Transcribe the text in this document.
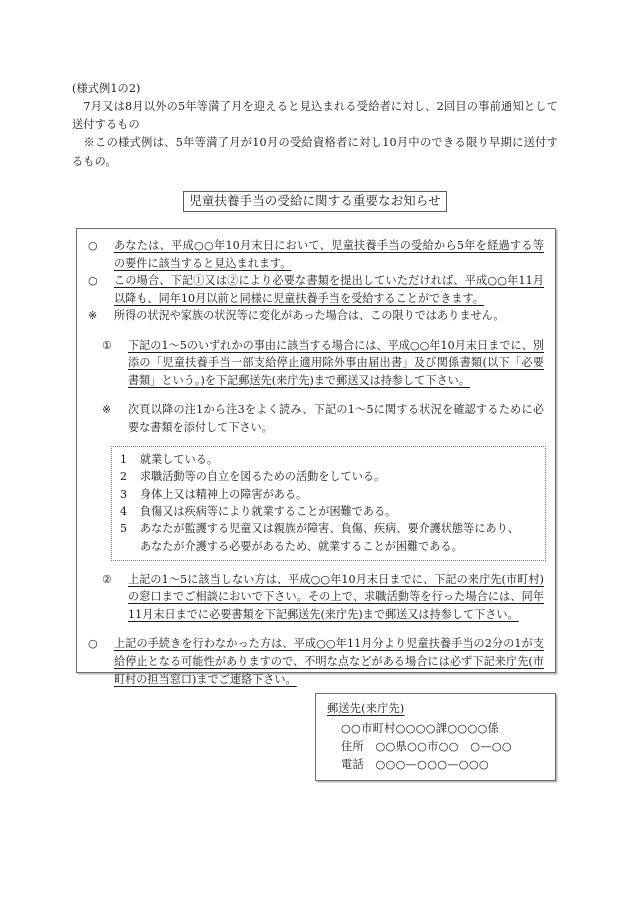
(様式例1の2)

　7月又は8月以外の5年等満了月を迎えると見込まれる受給者に対し、2回目の事前通知として送付するもの

　※この様式例は、5年等満了月が10月の受給資格者に対し10月中のできる限り早期に送付するもの。

児童扶養手当の受給に関する重要なお知らせ
○	あなたは、平成○○年10月末日において、児童扶養手当の受給から5年を経過する等の要件に該当すると見込まれます。
○	この場合、下記①又は②により必要な書類を提出していただければ、平成○○年11月以降も、同年10月以前と同様に児童扶養手当を受給することができます。
※	所得の状況や家族の状況等に変化があった場合は、この限りではありません。
①	下記の1～5のいずれかの事由に該当する場合には、平成○○年10月末日までに、別添の「児童扶養手当一部支給停止適用除外事由届出書」及び関係書類(以下「必要書類」という。)を下記郵送先(来庁先)まで郵送又は持参して下さい。
※	次頁以降の注1から注3をよく読み、下記の1～5に関する状況を確認するために必要な書類を添付して下さい。
1	就業している。
2	求職活動等の自立を図るための活動をしている。
3	身体上又は精神上の障害がある。
4	負傷又は疾病等により就業することが困難である。
5	あなたが監護する児童又は親族が障害、負傷、疾病、要介護状態等にあり、
あなたが介護する必要があるため、就業することが困難である。
②	上記の1～5に該当しない方は、平成○○年10月末日までに、下記の来庁先(市町村)の窓口までご相談においで下さい。その上で、求職活動等を行った場合には、同年11月末日までに必要書類を下記郵送先(来庁先)まで郵送又は持参して下さい。
○	上記の手続きを行わなかった方は、平成○○年11月分より児童扶養手当の2分の1が支給停止となる可能性がありますので、不明な点などがある場合には必ず下記来庁先(市町村の担当窓口)までご連絡下さい。
郵送先(来庁先)
○○市町村○○○○課○○○○係
住所　○○県○○市○○　○—○○
電話　○○○—○○○—○○○
